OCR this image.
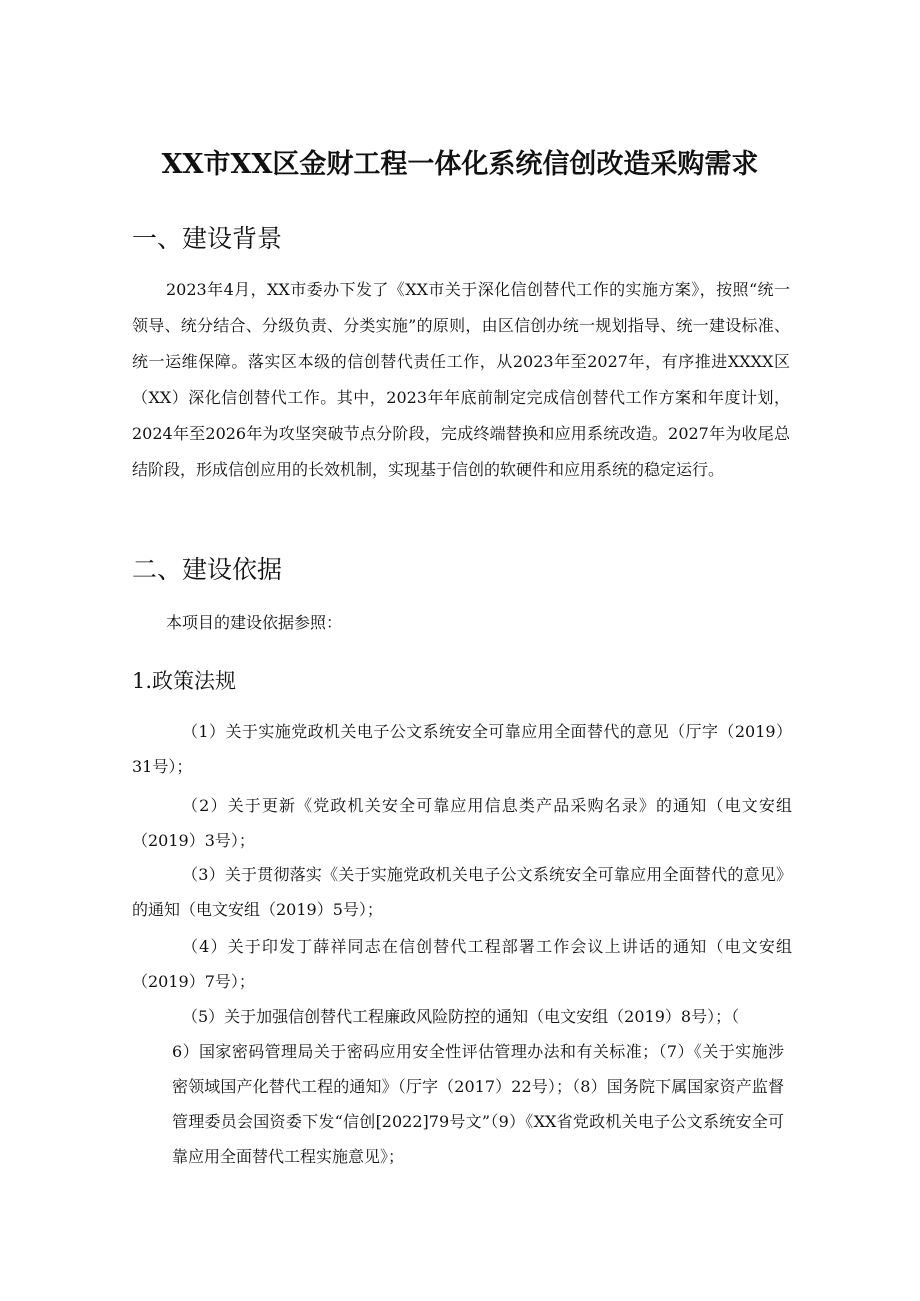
XX市XX区金财工程一体化系统信创改造采购需求
一、建设背景

2023年4月，XX市委办下发了《XX市关于深化信创替代工作的实施方案》，按照“统一领导、统分结合、分级负责、分类实施”的原则，由区信创办统一规划指导、统一建设标准、统一运维保障。落实区本级的信创替代责任工作，从2023年至2027年，有序推进XXXX区（XX）深化信创替代工作。其中，2023年年底前制定完成信创替代工作方案和年度计划，2024年至2026年为攻坚突破节点分阶段，完成终端替换和应用系统改造。2027年为收尾总结阶段，形成信创应用的长效机制，实现基于信创的软硬件和应用系统的稳定运行。

二、建设依据

本项目的建设依据参照：

1.政策法规

（1）关于实施党政机关电子公文系统安全可靠应用全面替代的意见（厅字（2019）31号）；

（2）关于更新《党政机关安全可靠应用信息类产品采购名录》的通知（电文安组（2019）3号）；

（3）关于贯彻落实《关于实施党政机关电子公文系统安全可靠应用全面替代的意见》的通知（电文安组（2019）5号）；

（4）关于印发丁薛祥同志在信创替代工程部署工作会议上讲话的通知（电文安组（2019）7号）；

（5）关于加强信创替代工程廉政风险防控的通知（电文安组（2019）8号）；（

6）国家密码管理局关于密码应用安全性评估管理办法和有关标准；（7）《关于实施涉密领域国产化替代工程的通知》（厅字（2017）22号）；（8）国务院下属国家资产监督管理委员会国资委下发“信创[2022]79号文”（9）《XX省党政机关电子公文系统安全可靠应用全面替代工程实施意见》；
